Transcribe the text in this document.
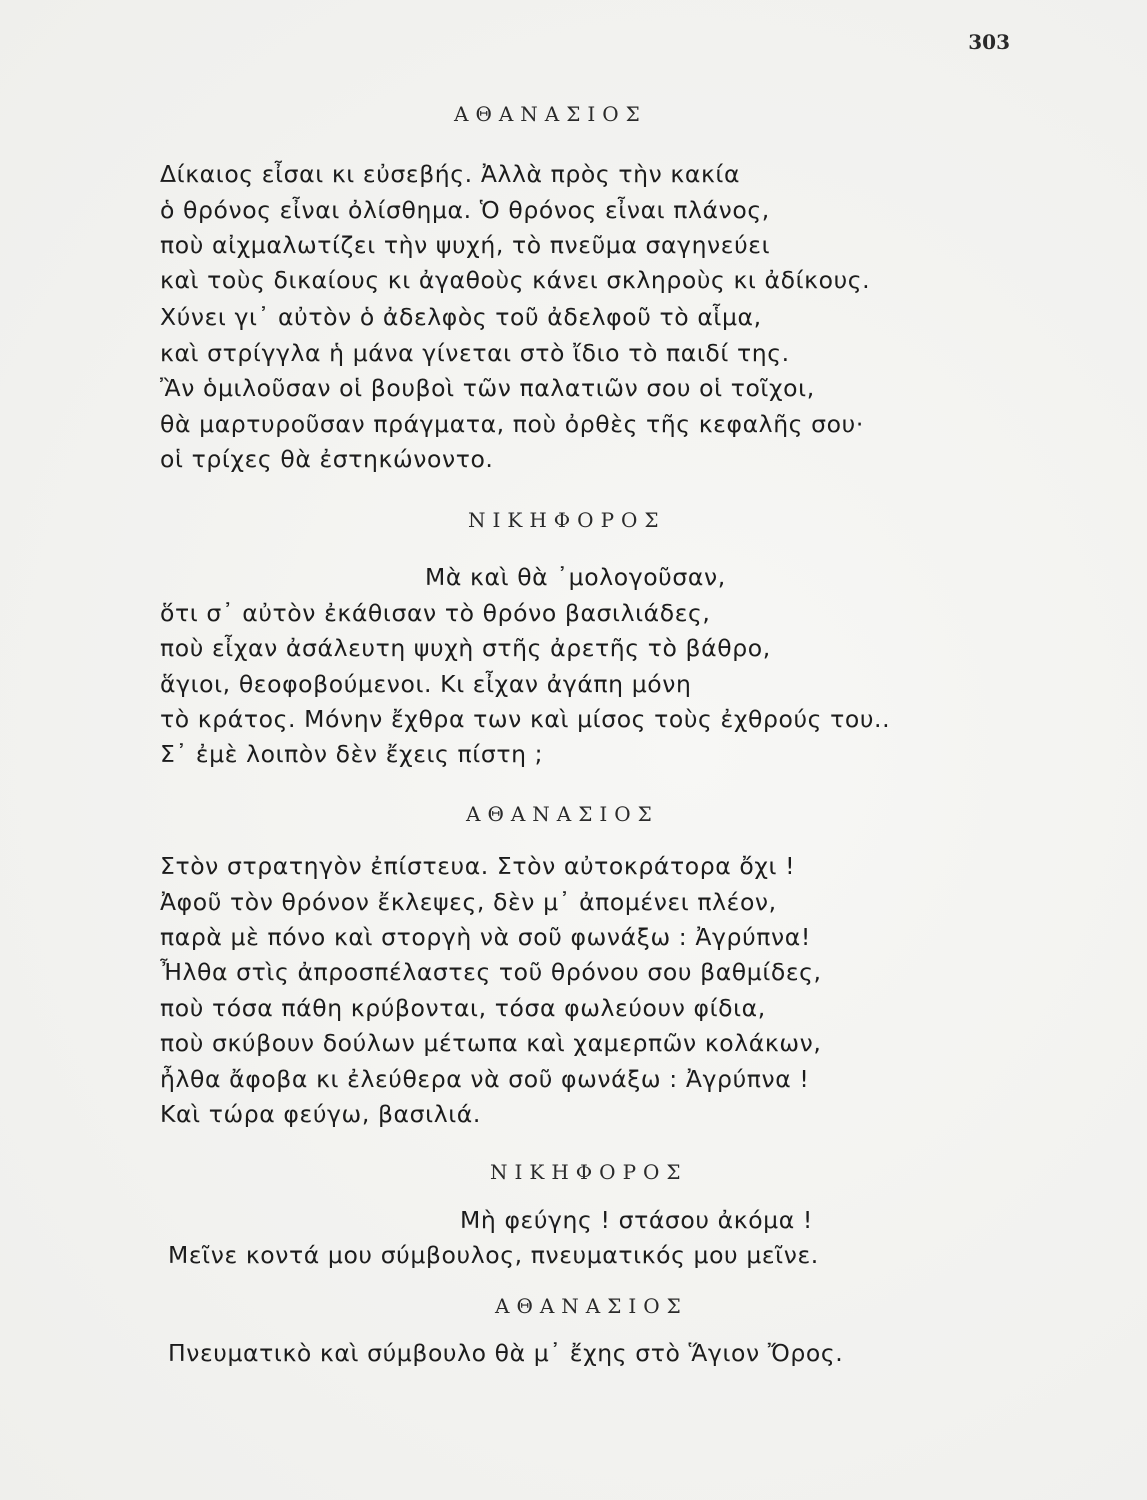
303
ΑΘΑΝΑΣΙΟΣ
Δίκαιος εἶσαι κι εὐσεβής. Ἀλλὰ πρὸς τὴν κακία
ὁ θρόνος εἶναι ὀλίσθημα. Ὁ θρόνος εἶναι πλάνος,
ποὺ αἰχμαλωτίζει τὴν ψυχή, τὸ πνεῦμα σαγηνεύει
καὶ τοὺς δικαίους κι ἀγαθοὺς κάνει σκληροὺς κι ἀδίκους.
Χύνει γι᾽ αὐτὸν ὁ ἀδελφὸς τοῦ ἀδελφοῦ τὸ αἷμα,
καὶ στρίγγλα ἡ μάνα γίνεται στὸ ἴδιο τὸ παιδί της.
Ἂν ὁμιλοῦσαν οἱ βουβοὶ τῶν παλατιῶν σου οἱ τοῖχοι,
θὰ μαρτυροῦσαν πράγματα, ποὺ ὀρθὲς τῆς κεφαλῆς σου·
οἱ τρίχες θὰ ἐστηκώνοντο.
ΝΙΚΗΦΟΡΟΣ
Μὰ καὶ θὰ ᾽μολογοῦσαν,
ὅτι σ᾽ αὐτὸν ἐκάθισαν τὸ θρόνο βασιλιάδες,
ποὺ εἶχαν ἀσάλευτη ψυχὴ στῆς ἀρετῆς τὸ βάθρο,
ἅγιοι, θεοφοβούμενοι. Κι εἶχαν ἀγάπη μόνη
τὸ κράτος. Μόνην ἔχθρα των καὶ μίσος τοὺς ἐχθρούς του..
Σ᾽ ἐμὲ λοιπὸν δὲν ἔχεις πίστη ;
ΑΘΑΝΑΣΙΟΣ
Στὸν στρατηγὸν ἐπίστευα. Στὸν αὐτοκράτορα ὄχι !
Ἀφοῦ τὸν θρόνον ἔκλεψες, δὲν μ᾽ ἀπομένει πλέον,
παρὰ μὲ πόνο καὶ στοργὴ νὰ σοῦ φωνάξω : Ἀγρύπνα!
Ἦλθα στὶς ἀπροσπέλαστες τοῦ θρόνου σου βαθμίδες,
ποὺ τόσα πάθη κρύβονται, τόσα φωλεύουν φίδια,
ποὺ σκύβουν δούλων μέτωπα καὶ χαμερπῶν κολάκων,
ἦλθα ἄφοβα κι ἐλεύθερα νὰ σοῦ φωνάξω : Ἀγρύπνα !
Καὶ τώρα φεύγω, βασιλιά.
ΝΙΚΗΦΟΡΟΣ
Μὴ φεύγης ! στάσου ἀκόμα !
Μεῖνε κοντά μου σύμβουλος, πνευματικός μου μεῖνε.
ΑΘΑΝΑΣΙΟΣ
Πνευματικὸ καὶ σύμβουλο θὰ μ᾽ ἔχης στὸ Ἅγιον Ὄρος.
